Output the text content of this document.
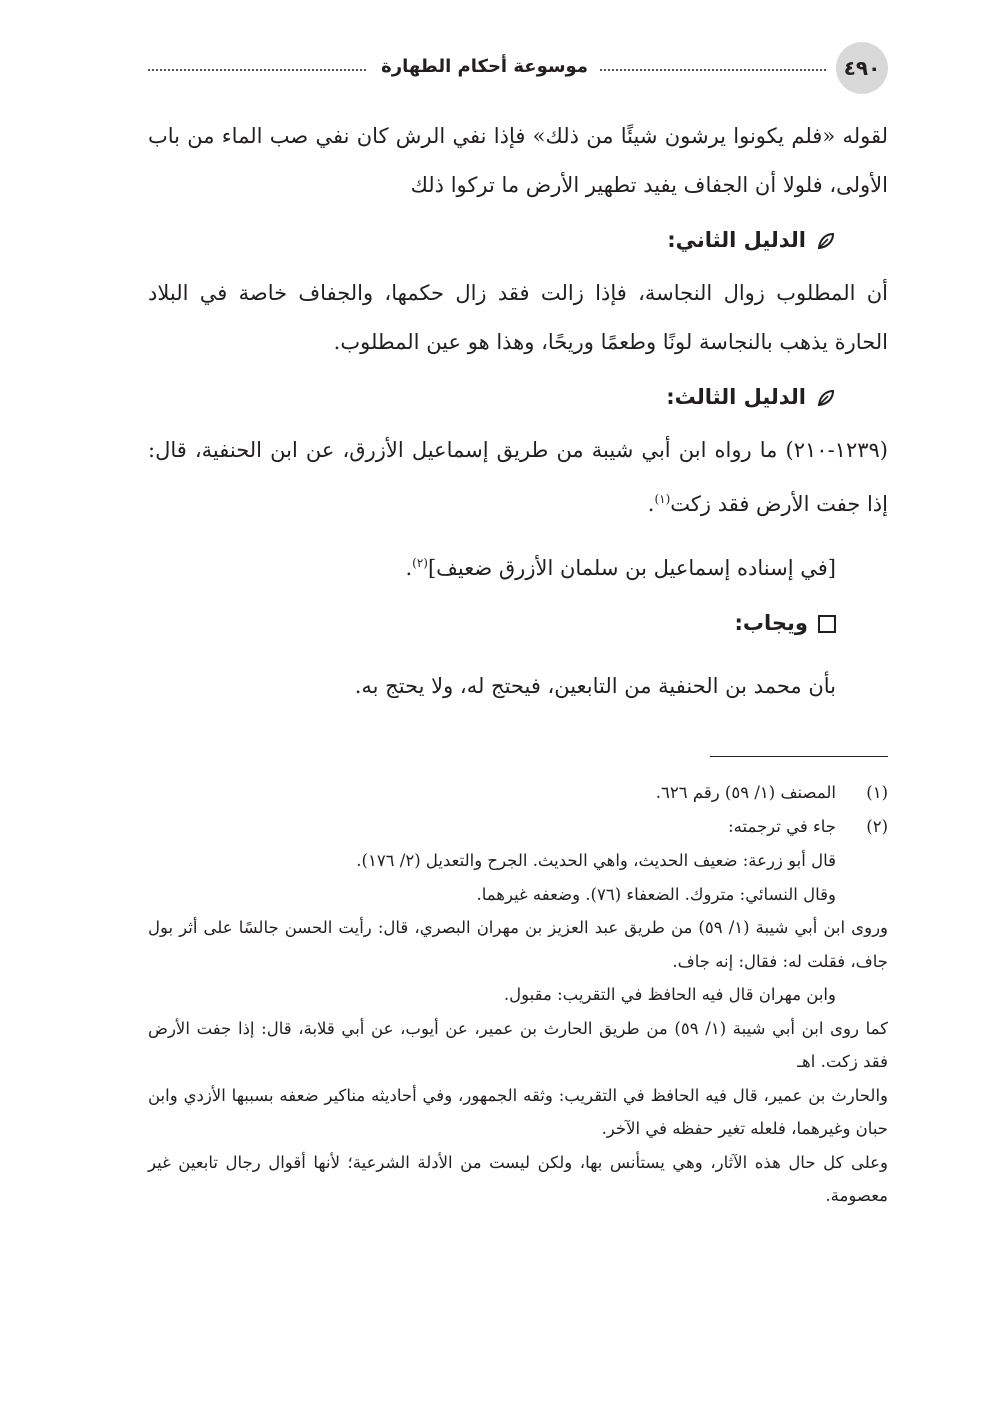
٤٩٠
موسوعة أحكام الطهارة

لقوله «فلم يكونوا يرشون شيئًا من ذلك» فإذا نفي الرش كان نفي صب الماء من باب الأولى، فلولا أن الجفاف يفيد تطهير الأرض ما تركوا ذلك

الدليل الثاني:

أن المطلوب زوال النجاسة، فإذا زالت فقد زال حكمها، والجفاف خاصة في البلاد الحارة يذهب بالنجاسة لونًا وطعمًا وريحًا، وهذا هو عين المطلوب.

الدليل الثالث:

(١٢٣٩-٢١٠) ما رواه ابن أبي شيبة من طريق إسماعيل الأزرق، عن ابن الحنفية، قال: إذا جفت الأرض فقد زكت$^{(١)}$.

[في إسناده إسماعيل بن سلمان الأزرق ضعيف]$^{(٢)}$.

ويجاب:

بأن محمد بن الحنفية من التابعين، فيحتج له، ولا يحتج به.

(١)
المصنف (١/ ٥٩) رقم ٦٢٦.
(٢)
جاء في ترجمته:

قال أبو زرعة: ضعيف الحديث، واهي الحديث. الجرح والتعديل (٢/ ١٧٦).

وقال النسائي: متروك. الضعفاء (٧٦). وضعفه غيرهما.

وروى ابن أبي شيبة (١/ ٥٩) من طريق عبد العزيز بن مهران البصري، قال: رأيت الحسن جالسًا على أثر بول جاف، فقلت له: فقال: إنه جاف.

وابن مهران قال فيه الحافظ في التقريب: مقبول.

كما روى ابن أبي شيبة (١/ ٥٩) من طريق الحارث بن عمير، عن أيوب، عن أبي قلابة، قال: إذا جفت الأرض فقد زكت. اهـ

والحارث بن عمير، قال فيه الحافظ في التقريب: وثقه الجمهور، وفي أحاديثه مناكير ضعفه بسببها الأزدي وابن حبان وغيرهما، فلعله تغير حفظه في الآخر.

وعلى كل حال هذه الآثار، وهي يستأنس بها، ولكن ليست من الأدلة الشرعية؛ لأنها أقوال رجال تابعين غير معصومة.
